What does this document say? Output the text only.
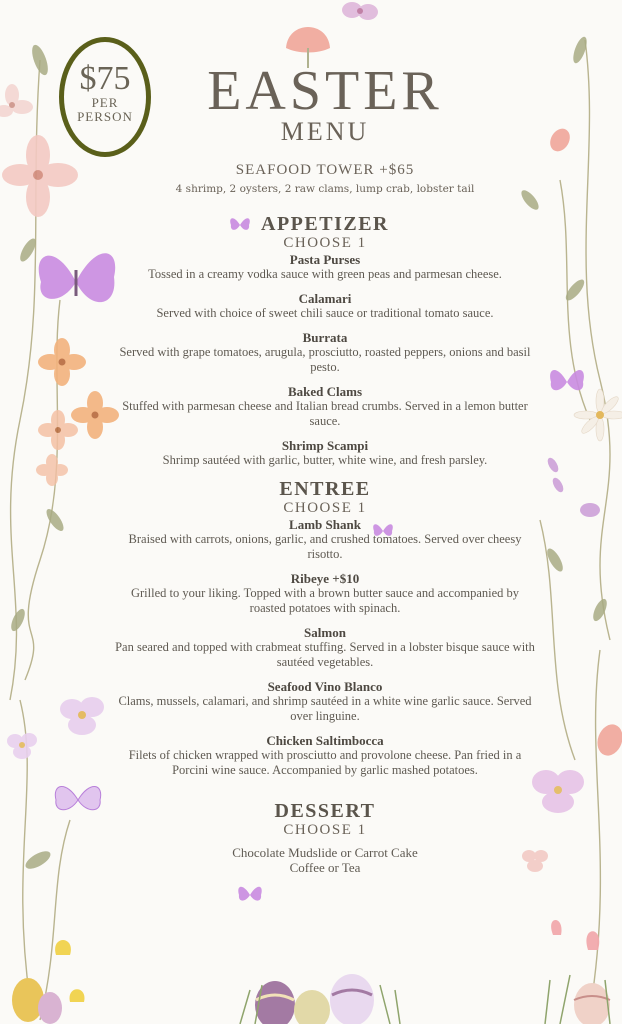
$75
PER
PERSON	EASTER
MENU
SEAFOOD TOWER +$65
4 shrimp, 2 oysters, 2 raw clams, lump crab, lobster tail
APPETIZER
CHOOSE 1
Pasta Purses
Tossed in a creamy vodka sauce with green peas and parmesan cheese.
Calamari
Served with choice of sweet chili sauce or traditional tomato sauce.
Burrata
Served with grape tomatoes, arugula, prosciutto, roasted peppers, onions and basil pesto.
Baked Clams
Stuffed with parmesan cheese and Italian bread crumbs. Served in a lemon butter sauce.
Shrimp Scampi
Shrimp sautéed with garlic, butter, white wine, and fresh parsley.
ENTREE
CHOOSE 1
Lamb Shank
Braised with carrots, onions, garlic, and crushed tomatoes. Served over cheesy risotto.
Ribeye +$10
Grilled to your liking. Topped with a brown butter sauce and accompanied by roasted potatoes with spinach.
Salmon
Pan seared and topped with crabmeat stuffing. Served in a lobster bisque sauce with sautéed vegetables.
Seafood Vino Blanco
Clams, mussels, calamari, and shrimp sautéed in a white wine garlic sauce. Served over linguine.
Chicken Saltimbocca
Filets of chicken wrapped with prosciutto and provolone cheese. Pan fried in a Porcini wine sauce. Accompanied by garlic mashed potatoes.
DESSERT
CHOOSE 1
Chocolate Mudslide or Carrot Cake
Coffee or Tea
